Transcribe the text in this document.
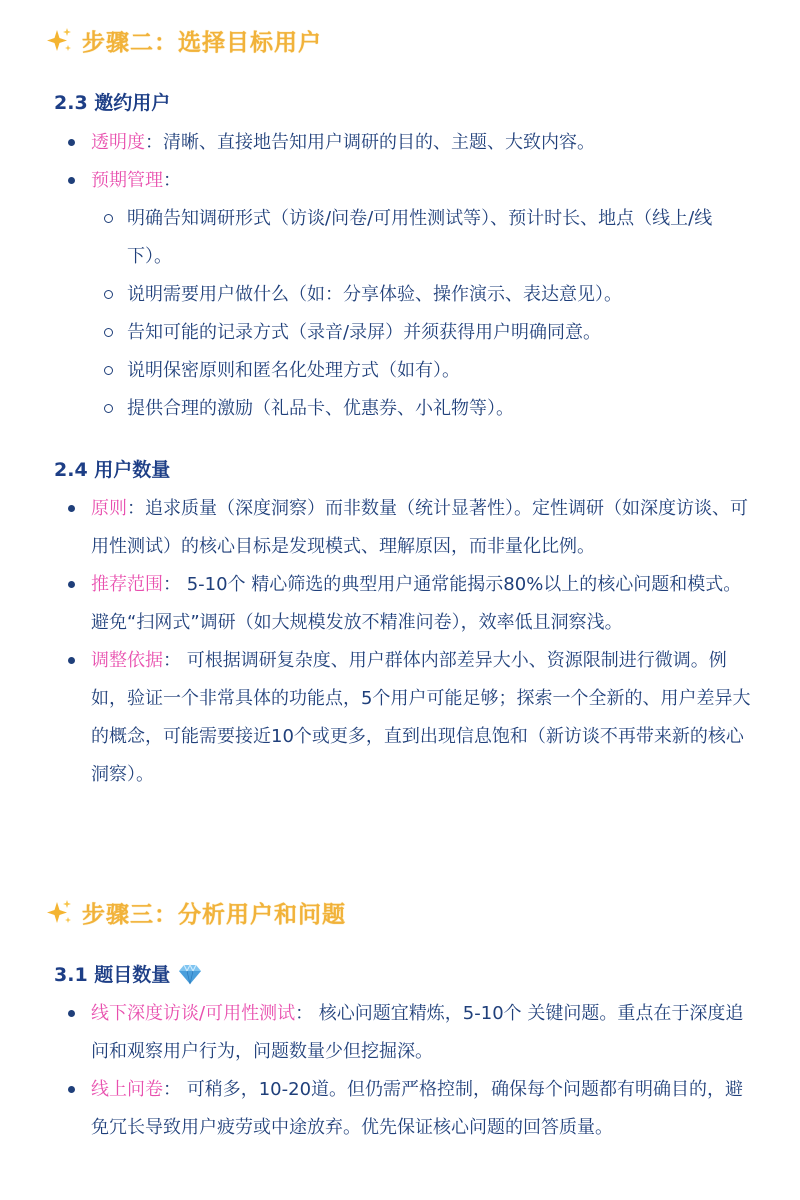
步骤二：选择目标用户
2.3 邀约用户
透明度：清晰、直接地告知用户调研的目的、主题、大致内容。
预期管理：
明确告知调研形式（访谈/问卷/可用性测试等）、预计时长、地点（线上/线下）。
说明需要用户做什么（如：分享体验、操作演示、表达意见）。
告知可能的记录方式（录音/录屏）并须获得用户明确同意。
说明保密原则和匿名化处理方式（如有）。
提供合理的激励（礼品卡、优惠券、小礼物等）。
2.4 用户数量
原则：追求质量（深度洞察）而非数量（统计显著性）。定性调研（如深度访谈、可用性测试）的核心目标是发现模式、理解原因，而非量化比例。
推荐范围： 5-10个 精心筛选的典型用户通常能揭示80%以上的核心问题和模式。避免“扫网式”调研（如大规模发放不精准问卷），效率低且洞察浅。
调整依据： 可根据调研复杂度、用户群体内部差异大小、资源限制进行微调。例如，验证一个非常具体的功能点，5个用户可能足够；探索一个全新的、用户差异大的概念，可能需要接近10个或更多，直到出现信息饱和（新访谈不再带来新的核心洞察）。
步骤三：分析用户和问题
3.1 题目数量
线下深度访谈/可用性测试： 核心问题宜精炼，5-10个 关键问题。重点在于深度追问和观察用户行为，问题数量少但挖掘深。
线上问卷： 可稍多，10-20道。但仍需严格控制，确保每个问题都有明确目的，避免冗长导致用户疲劳或中途放弃。优先保证核心问题的回答质量。
